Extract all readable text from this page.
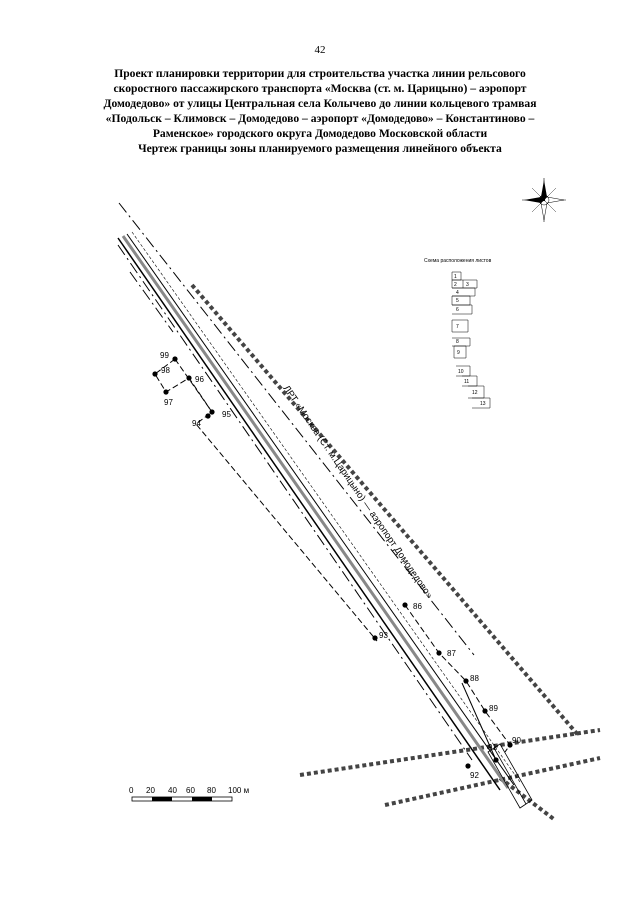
42
Проект планировки территории для строительства участка линии рельсового
скоростного пассажирского транспорта «Москва (ст. м. Царицыно) – аэропорт
Домодедово» от улицы Центральная села Колычево до линии кольцевого трамвая
«Подольск – Климовск – Домодедово – аэропорт «Домодедово» – Константиново –
Раменское» городского округа Домодедово Московской области
Чертеж границы зоны планируемого размещения линейного объекта
99
98
97
96
95
94
93
86
87
88
89
90
91
92
ЛРТ «Москва (Ст. м.Царицыно) — аэропорт Домодедово»
Схема расположения листов
1
2 3
4
5
6
7
8
9
10
11
12
13
0 20 40 60 80 100 м
